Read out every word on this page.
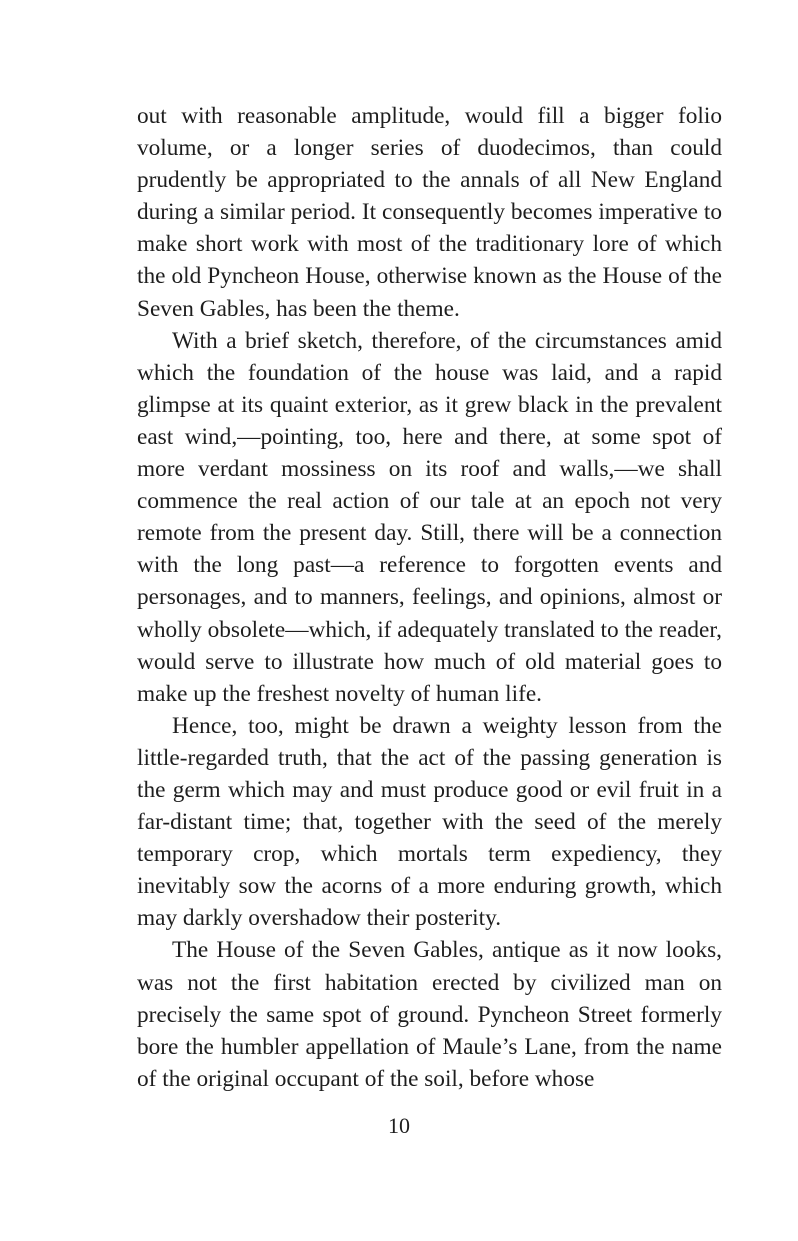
out with reasonable amplitude, would fill a bigger folio volume, or a longer series of duodecimos, than could prudently be appropriated to the annals of all New England during a similar period. It consequently becomes imperative to make short work with most of the traditionary lore of which the old Pyncheon House, otherwise known as the House of the Seven Gables, has been the theme.

With a brief sketch, therefore, of the circumstances amid which the foundation of the house was laid, and a rapid glimpse at its quaint exterior, as it grew black in the prevalent east wind,—pointing, too, here and there, at some spot of more verdant mossiness on its roof and walls,—we shall commence the real action of our tale at an epoch not very remote from the present day. Still, there will be a connection with the long past—a reference to forgotten events and personages, and to manners, feelings, and opinions, almost or wholly obsolete—which, if adequately translated to the reader, would serve to illustrate how much of old material goes to make up the freshest novelty of human life.

Hence, too, might be drawn a weighty lesson from the little-regarded truth, that the act of the passing generation is the germ which may and must produce good or evil fruit in a far-distant time; that, together with the seed of the merely temporary crop, which mortals term expediency, they inevitably sow the acorns of a more enduring growth, which may darkly overshadow their posterity.

The House of the Seven Gables, antique as it now looks, was not the first habitation erected by civilized man on precisely the same spot of ground. Pyncheon Street formerly bore the humbler appellation of Maule’s Lane, from the name of the original occupant of the soil, before whose

10
